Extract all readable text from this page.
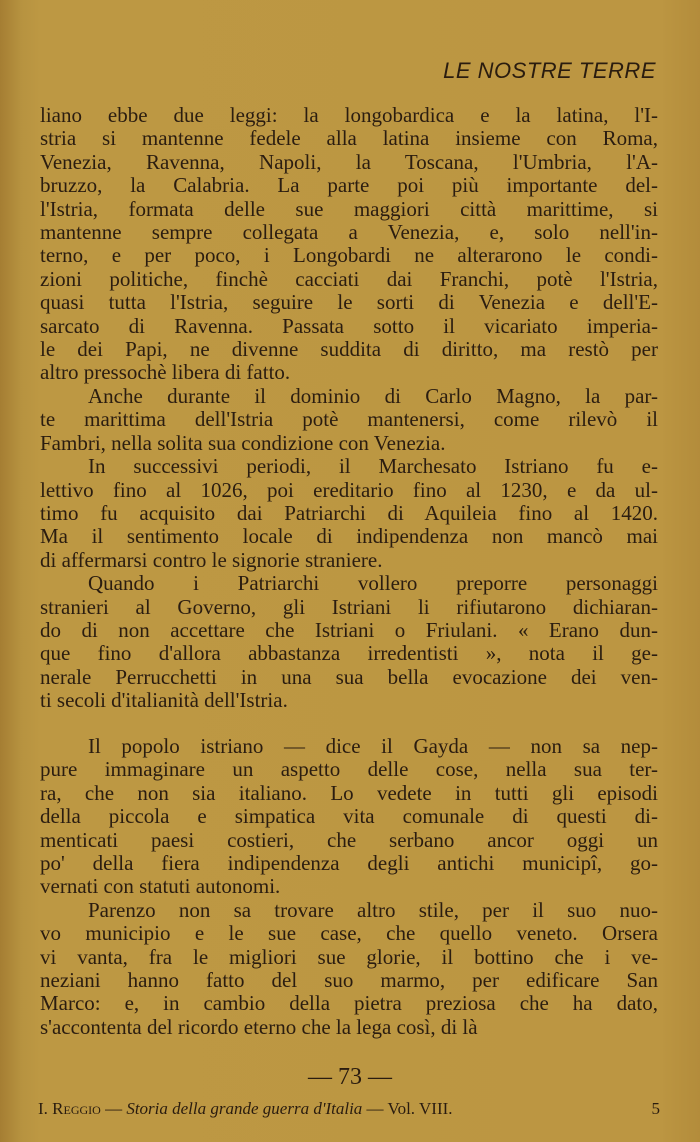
LE NOSTRE TERRE
liano ebbe due leggi: la longobardica e la latina, l'I-
stria si mantenne fedele alla latina insieme con Roma,
Venezia, Ravenna, Napoli, la Toscana, l'Umbria, l'A-
bruzzo, la Calabria. La parte poi più importante del-
l'Istria, formata delle sue maggiori città marittime, si
mantenne sempre collegata a Venezia, e, solo nell'in-
terno, e per poco, i Longobardi ne alterarono le condi-
zioni politiche, finchè cacciati dai Franchi, potè l'Istria,
quasi tutta l'Istria, seguire le sorti di Venezia e dell'E-
sarcato di Ravenna. Passata sotto il vicariato imperia-
le dei Papi, ne divenne suddita di diritto, ma restò per
altro pressochè libera di fatto.
Anche durante il dominio di Carlo Magno, la par-
te marittima dell'Istria potè mantenersi, come rilevò il
Fambri, nella solita sua condizione con Venezia.
In successivi periodi, il Marchesato Istriano fu e-
lettivo fino al 1026, poi ereditario fino al 1230, e da ul-
timo fu acquisito dai Patriarchi di Aquileia fino al 1420.
Ma il sentimento locale di indipendenza non mancò mai
di affermarsi contro le signorie straniere.
Quando i Patriarchi vollero preporre personaggi
stranieri al Governo, gli Istriani li rifiutarono dichiaran-
do di non accettare che Istriani o Friulani. « Erano dun-
que fino d'allora abbastanza irredentisti », nota il ge-
nerale Perrucchetti in una sua bella evocazione dei ven-
ti secoli d'italianità dell'Istria.
Il popolo istriano — dice il Gayda — non sa nep-
pure immaginare un aspetto delle cose, nella sua ter-
ra, che non sia italiano. Lo vedete in tutti gli episodi
della piccola e simpatica vita comunale di questi di-
menticati paesi costieri, che serbano ancor oggi un
po' della fiera indipendenza degli antichi municipî, go-
vernati con statuti autonomi.
Parenzo non sa trovare altro stile, per il suo nuo-
vo municipio e le sue case, che quello veneto. Orsera
vi vanta, fra le migliori sue glorie, il bottino che i ve-
neziani hanno fatto del suo marmo, per edificare San
Marco: e, in cambio della pietra preziosa che ha dato,
s'accontenta del ricordo eterno che la lega così, di là
— 73 —
I. Reggio — Storia della grande guerra d'Italia — Vol. VIII.	5
